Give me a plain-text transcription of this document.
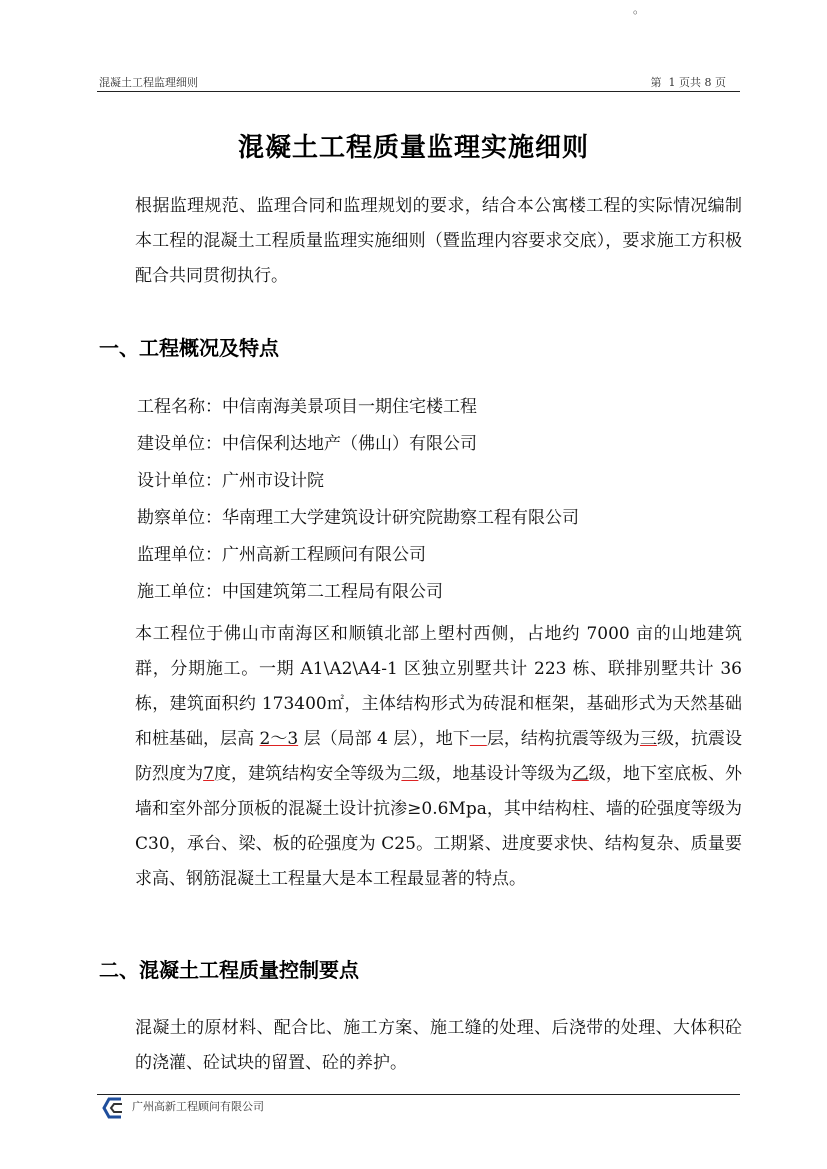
。
混凝土工程监理细则	第  1 页共 8 页
混凝土工程质量监理实施细则
根据监理规范、监理合同和监理规划的要求，结合本公寓楼工程的实际情况编制本工程的混凝土工程质量监理实施细则（暨监理内容要求交底），要求施工方积极配合共同贯彻执行。
一、工程概况及特点
工程名称：中信南海美景项目一期住宅楼工程
建设单位：中信保利达地产（佛山）有限公司
设计单位：广州市设计院
勘察单位：华南理工大学建筑设计研究院勘察工程有限公司
监理单位：广州高新工程顾问有限公司
施工单位：中国建筑第二工程局有限公司
本工程位于佛山市南海区和顺镇北部上塱村西侧，占地约 7000 亩的山地建筑群，分期施工。一期 A1\A2\A4-1 区独立别墅共计 223 栋、联排别墅共计 36 栋，建筑面积约 173400㎡，主体结构形式为砖混和框架，基础形式为天然基础和桩基础，层高 2～3 层（局部 4 层），地下一层，结构抗震等级为三级，抗震设防烈度为7度，建筑结构安全等级为二级，地基设计等级为乙级，地下室底板、外墙和室外部分顶板的混凝土设计抗渗≥0.6Mpa，其中结构柱、墙的砼强度等级为 C30，承台、梁、板的砼强度为 C25。工期紧、进度要求快、结构复杂、质量要求高、钢筋混凝土工程量大是本工程最显著的特点。
二、混凝土工程质量控制要点
混凝土的原材料、配合比、施工方案、施工缝的处理、后浇带的处理、大体积砼的浇灌、砼试块的留置、砼的养护。
广州高新工程顾问有限公司
